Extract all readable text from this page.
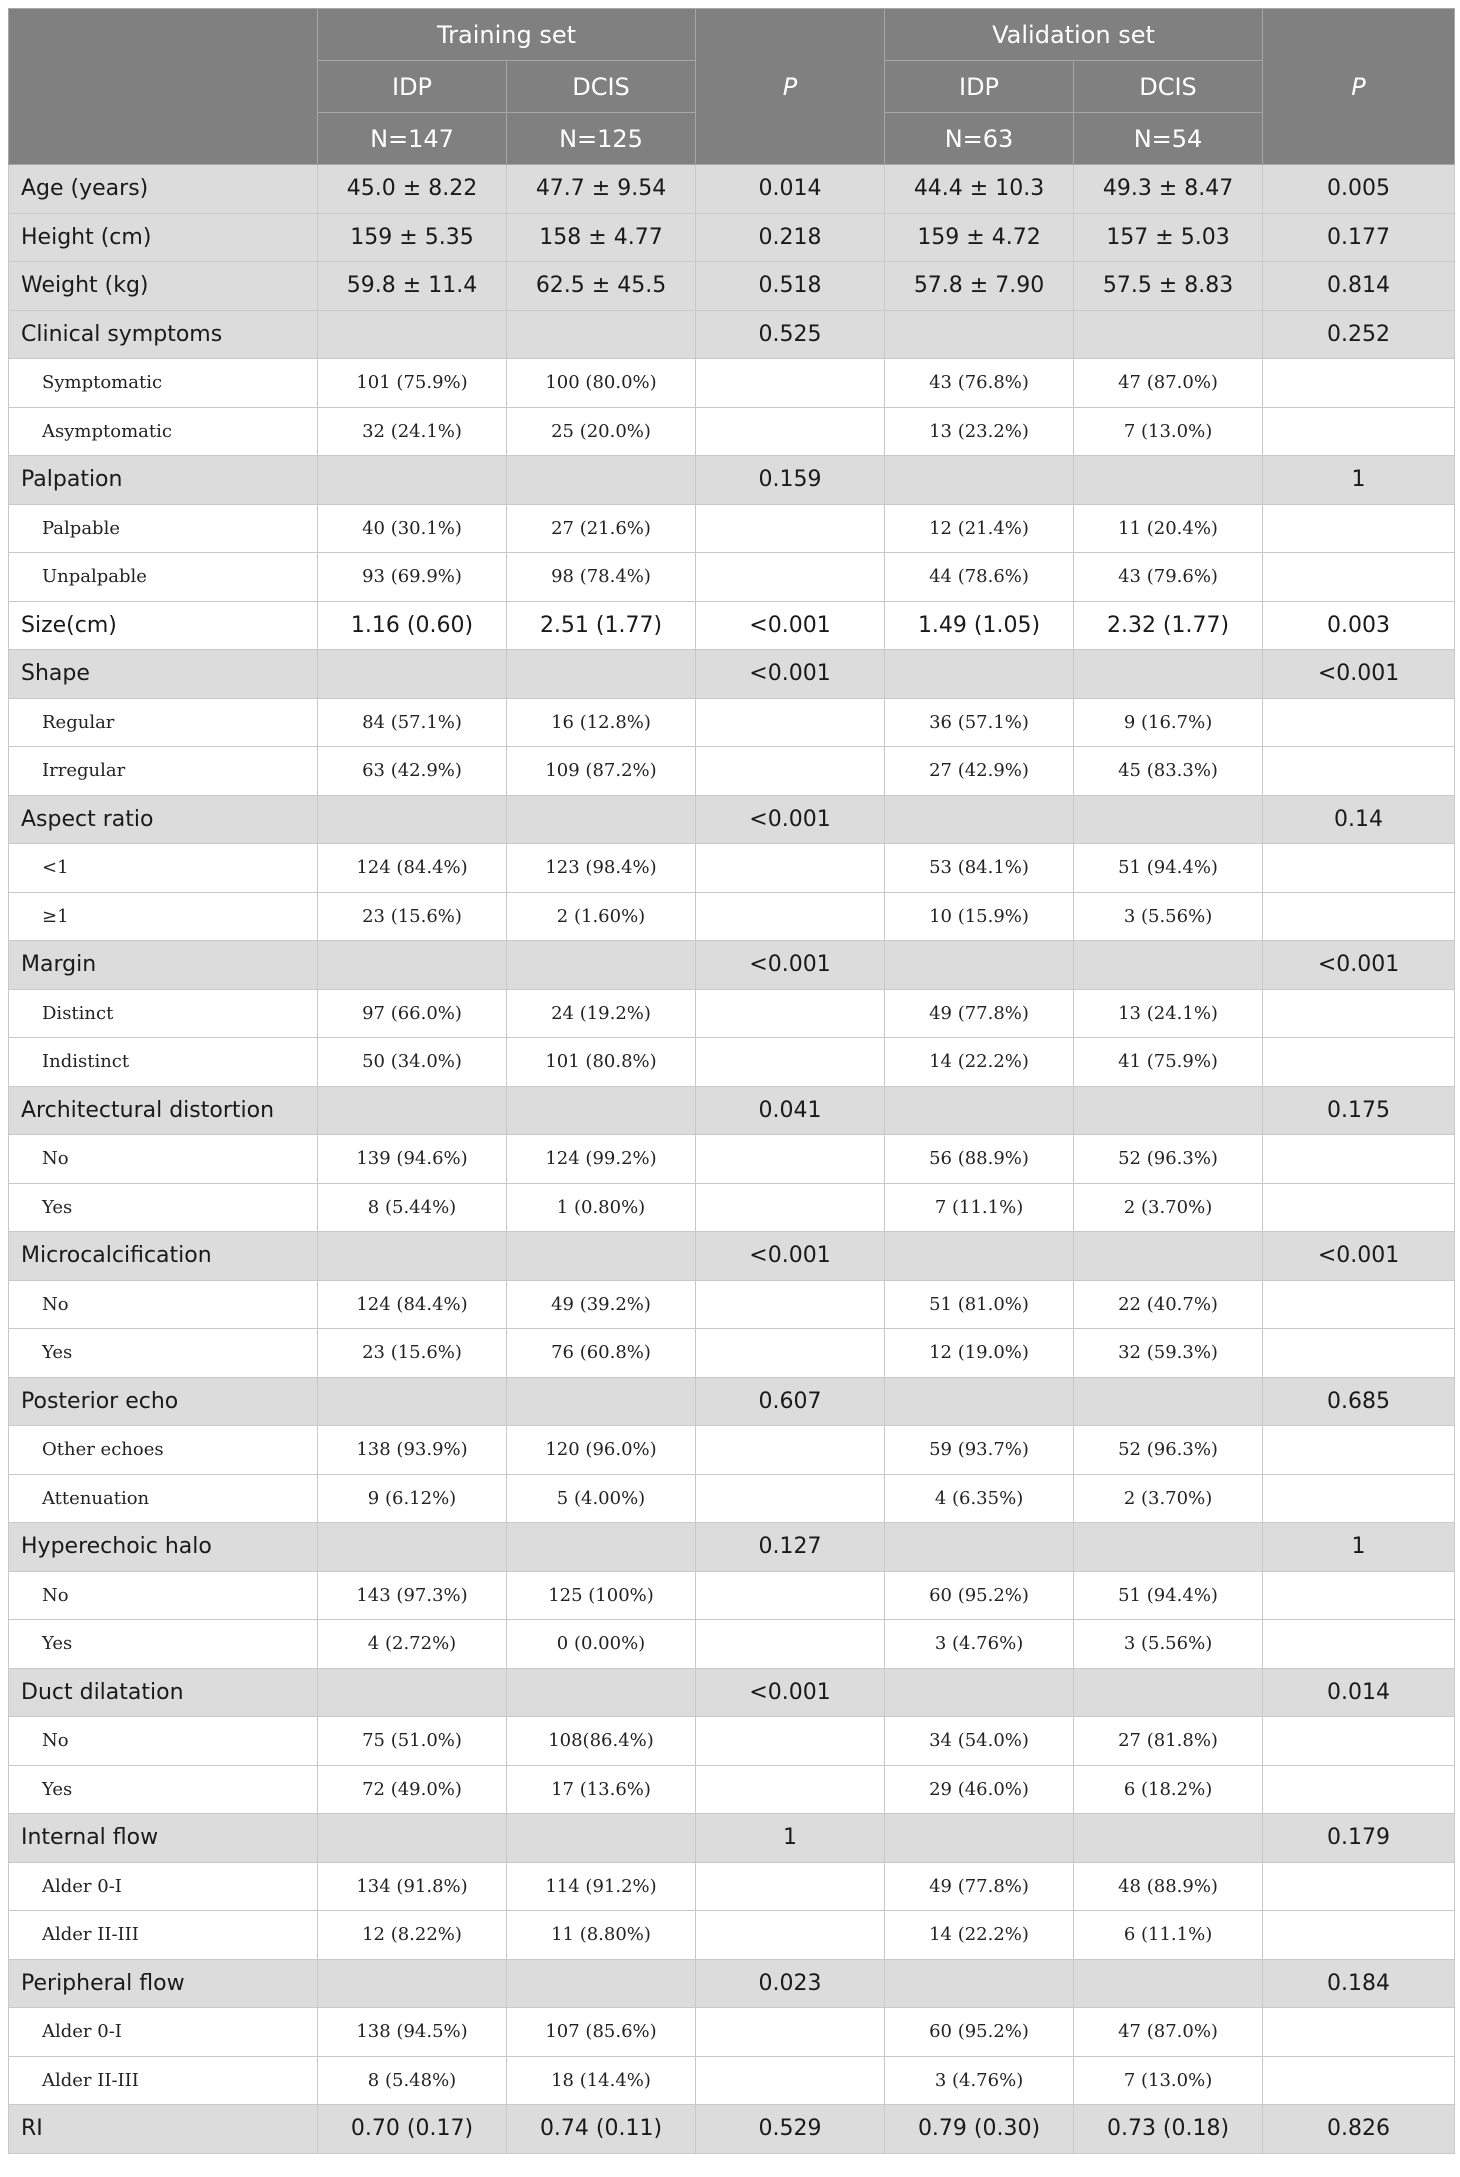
	Training set		P	Validation set		P
	IDP	DCIS		IDP	DCIS	
	N=147	N=125		N=63	N=54	
Age (years)	45.0 ± 8.22	47.7 ± 9.54	0.014	44.4 ± 10.3	49.3 ± 8.47	0.005
Height (cm)	159 ± 5.35	158 ± 4.77	0.218	159 ± 4.72	157 ± 5.03	0.177
Weight (kg)	59.8 ± 11.4	62.5 ± 45.5	0.518	57.8 ± 7.90	57.5 ± 8.83	0.814
Clinical symptoms			0.525			0.252
Symptomatic	101 (75.9%)	100 (80.0%)		43 (76.8%)	47 (87.0%)	
Asymptomatic	32 (24.1%)	25 (20.0%)		13 (23.2%)	7 (13.0%)	
Palpation			0.159			1
Palpable	40 (30.1%)	27 (21.6%)		12 (21.4%)	11 (20.4%)	
Unpalpable	93 (69.9%)	98 (78.4%)		44 (78.6%)	43 (79.6%)	
Size(cm)	1.16 (0.60)	2.51 (1.77)	<0.001	1.49 (1.05)	2.32 (1.77)	0.003
Shape			<0.001			<0.001
Regular	84 (57.1%)	16 (12.8%)		36 (57.1%)	9 (16.7%)	
Irregular	63 (42.9%)	109 (87.2%)		27 (42.9%)	45 (83.3%)	
Aspect ratio			<0.001			0.14
<1	124 (84.4%)	123 (98.4%)		53 (84.1%)	51 (94.4%)	
≥1	23 (15.6%)	2 (1.60%)		10 (15.9%)	3 (5.56%)	
Margin			<0.001			<0.001
Distinct	97 (66.0%)	24 (19.2%)		49 (77.8%)	13 (24.1%)	
Indistinct	50 (34.0%)	101 (80.8%)		14 (22.2%)	41 (75.9%)	
Architectural distortion			0.041			0.175
No	139 (94.6%)	124 (99.2%)		56 (88.9%)	52 (96.3%)	
Yes	8 (5.44%)	1 (0.80%)		7 (11.1%)	2 (3.70%)	
Microcalcification			<0.001			<0.001
No	124 (84.4%)	49 (39.2%)		51 (81.0%)	22 (40.7%)	
Yes	23 (15.6%)	76 (60.8%)		12 (19.0%)	32 (59.3%)	
Posterior echo			0.607			0.685
Other echoes	138 (93.9%)	120 (96.0%)		59 (93.7%)	52 (96.3%)	
Attenuation	9 (6.12%)	5 (4.00%)		4 (6.35%)	2 (3.70%)	
Hyperechoic halo			0.127			1
No	143 (97.3%)	125 (100%)		60 (95.2%)	51 (94.4%)	
Yes	4 (2.72%)	0 (0.00%)		3 (4.76%)	3 (5.56%)	
Duct dilatation			<0.001			0.014
No	75 (51.0%)	108(86.4%)		34 (54.0%)	27 (81.8%)	
Yes	72 (49.0%)	17 (13.6%)		29 (46.0%)	6 (18.2%)	
Internal flow			1			0.179
Alder 0-I	134 (91.8%)	114 (91.2%)		49 (77.8%)	48 (88.9%)	
Alder II-III	12 (8.22%)	11 (8.80%)		14 (22.2%)	6 (11.1%)	
Peripheral flow			0.023			0.184
Alder 0-I	138 (94.5%)	107 (85.6%)		60 (95.2%)	47 (87.0%)	
Alder II-III	8 (5.48%)	18 (14.4%)		3 (4.76%)	7 (13.0%)	
RI	0.70 (0.17)	0.74 (0.11)	0.529	0.79 (0.30)	0.73 (0.18)	0.826
